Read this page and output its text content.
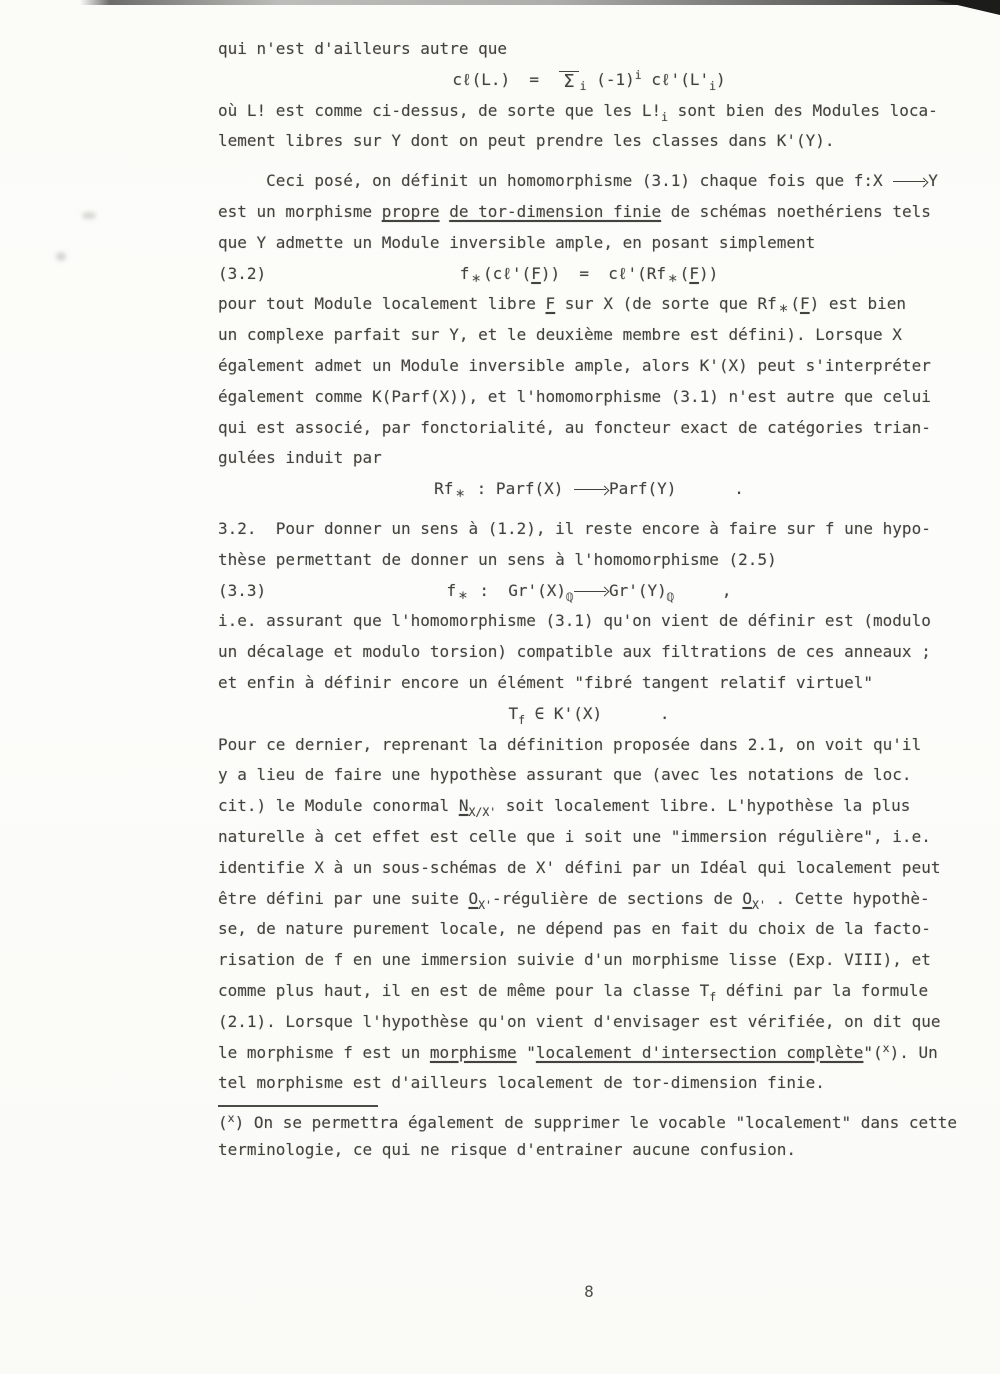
qui n'est d'ailleurs autre que
cℓ(L.)  =  Σ $_i$ $(-1)^i$ $c\ell'(L'_i)$
où L! est comme ci-dessus, de sorte que les $L!_i$ sont bien des Modules loca-
lement libres sur Y dont on peut prendre les classes dans K'(Y).
Ceci posé, on définit un homomorphisme (3.1) chaque fois que f:X Y
est un morphisme propre de tor-dimension finie de schémas noethériens tels
que Y admette un Module inversible ample, en posant simplement
(3.2)	f * (cℓ'(F))  =  cℓ'(Rf * (F))
pour tout Module localement libre F sur X (de sorte que Rf * (F) est bien
un complexe parfait sur Y, et le deuxième membre est défini). Lorsque X
également admet un Module inversible ample, alors K'(X) peut s'interpréter
également comme K(Parf(X)), et l'homomorphisme (3.1) n'est autre que celui
qui est associé, par fonctorialité, au foncteur exact de catégories trian-
gulées induit par
Rf * : Parf(X) Parf(Y)      .
3.2.  Pour donner un sens à (1.2), il reste encore à faire sur f une hypo-
thèse permettant de donner un sens à l'homomorphisme (2.5)
(3.3)	f * :  $Gr'(X)_ℚ$ $Gr'(Y)_ℚ$     ,
i.e. assurant que l'homomorphisme (3.1) qu'on vient de définir est (modulo
un décalage et modulo torsion) compatible aux filtrations de ces anneaux ;
et enfin à définir encore un élément "fibré tangent relatif virtuel"
$T_f$ ∈ K'(X)      .
Pour ce dernier, reprenant la définition proposée dans 2.1, on voit qu'il
y a lieu de faire une hypothèse assurant que (avec les notations de loc.
cit.) le Module conormal $N_{X/X'}$ soit localement libre. L'hypothèse la plus
naturelle à cet effet est celle que i soit une "immersion régulière", i.e.
identifie X à un sous-schémas de X' défini par un Idéal qui localement peut
être défini par une suite $O_{X'}$-régulière de sections de $O_{X'}$ . Cette hypothè-
se, de nature purement locale, ne dépend pas en fait du choix de la facto-
risation de f en une immersion suivie d'un morphisme lisse (Exp. VIII), et
comme plus haut, il en est de même pour la classe $T_f$ défini par la formule
(2.1). Lorsque l'hypothèse qu'on vient d'envisager est vérifiée, on dit que
le morphisme f est un morphisme "localement d'intersection complète"($^x$). Un
tel morphisme est d'ailleurs localement de tor-dimension finie.
($^x$) On se permettra également de supprimer le vocable "localement" dans cette
terminologie, ce qui ne risque d'entrainer aucune confusion.
8
